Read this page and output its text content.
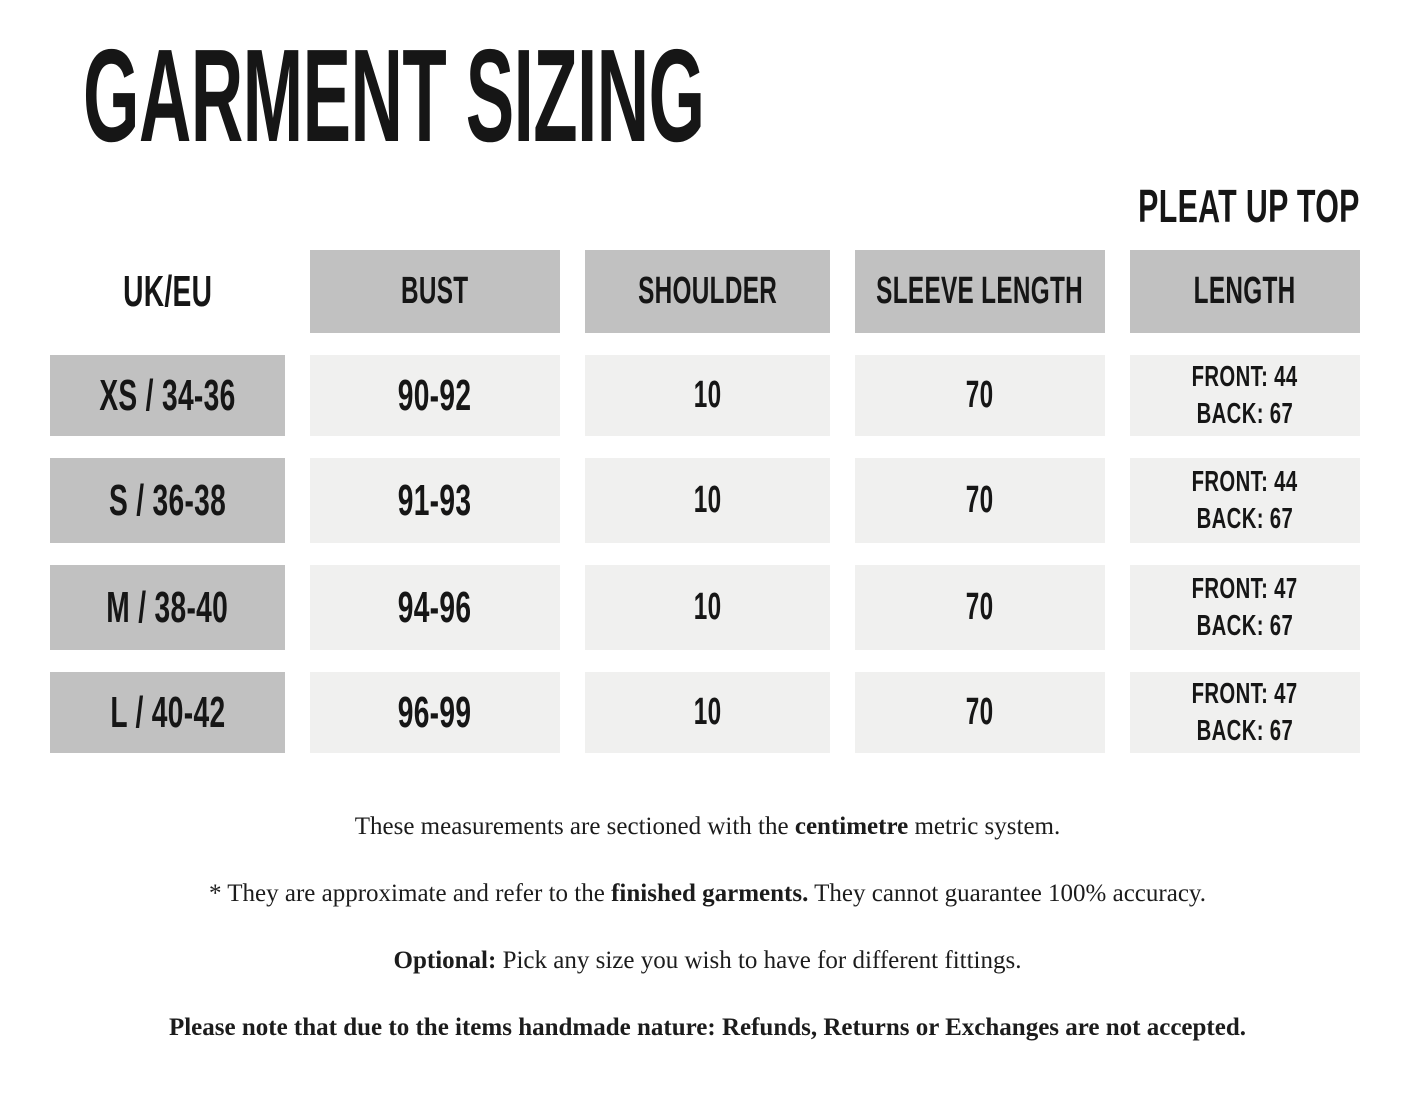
GARMENT SIZING
PLEAT UP TOP
UK/EU	BUST	SHOULDER	SLEEVE LENGTH	LENGTH
XS / 34-36	90-92	10	70	FRONT: 44
BACK: 67
S / 36-38	91-93	10	70	FRONT: 44
BACK: 67
M / 38-40	94-96	10	70	FRONT: 47
BACK: 67
L / 40-42	96-99	10	70	FRONT: 47
BACK: 67

These measurements are sectioned with the centimetre metric system.

* They are approximate and refer to the finished garments. They cannot guarantee 100% accuracy.

Optional: Pick any size you wish to have for different fittings.

Please note that due to the items handmade nature: Refunds, Returns or Exchanges are not accepted.
